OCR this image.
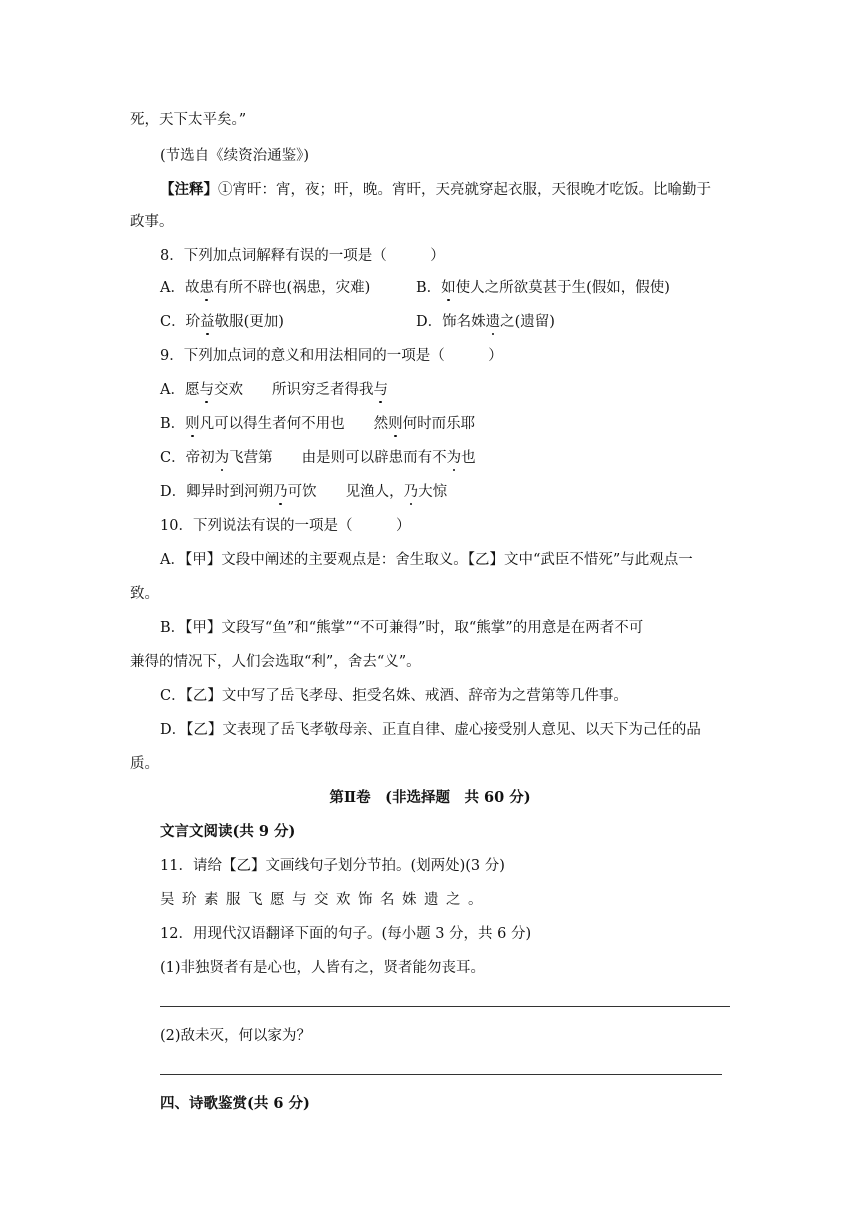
死，天下太平矣。”
(节选自《续资治通鉴》)
【注释】①宵旰：宵，夜；旰，晚。宵旰，天亮就穿起衣服，天很晚才吃饭。比喻勤于
政事。
8．下列加点词解释有误的一项是（　　　）
A．故患有所不辟也(祸患，灾难)	B．如使人之所欲莫甚于生(假如，假使)
C．玠益敬服(更加)	D．饰名姝遗之(遗留)
9．下列加点词的意义和用法相同的一项是（　　　）
A．愿与交欢　　所识穷乏者得我与
B．则凡可以得生者何不用也　　然则何时而乐耶
C．帝初为飞营第　　由是则可以辟患而有不为也
D．卿异时到河朔乃可饮　　见渔人，乃大惊
10．下列说法有误的一项是（　　　）
A．【甲】文段中阐述的主要观点是：舍生取义。【乙】文中“武臣不惜死”与此观点一
致。
B．【甲】文段写“鱼”和“熊掌”“不可兼得”时，取“熊掌”的用意是在两者不可
兼得的情况下，人们会选取“利”，舍去“义”。
C．【乙】文中写了岳飞孝母、拒受名姝、戒酒、辞帝为之营第等几件事。
D．【乙】文表现了岳飞孝敬母亲、正直自律、虚心接受别人意见、以天下为己任的品
质。
第Ⅱ卷　(非选择题　共 60 分)
文言文阅读(共 9 分)
11．请给【乙】文画线句子划分节拍。(划两处)(3 分)
吴玠素服飞愿与交欢饰名姝遗之。
12．用现代汉语翻译下面的句子。(每小题 3 分，共 6 分)
(1)非独贤者有是心也，人皆有之，贤者能勿丧耳。
(2)敌未灭，何以家为？
四、诗歌鉴赏(共 6 分)
